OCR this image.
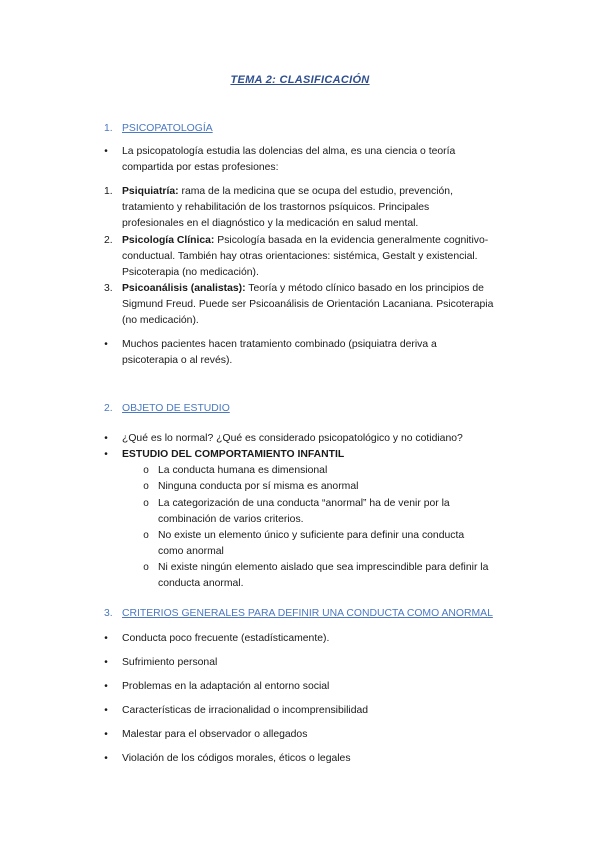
TEMA 2: CLASIFICACIÓN
1. PSICOPATOLOGÍA
•	La psicopatología estudia las dolencias del alma, es una ciencia o teoría
compartida por estas profesiones:
1. Psiquiatría: rama de la medicina que se ocupa del estudio, prevención,
tratamiento y rehabilitación de los trastornos psíquicos. Principales
profesionales en el diagnóstico y la medicación en salud mental.
2. Psicología Clínica: Psicología basada en la evidencia generalmente cognitivo-
conductual. También hay otras orientaciones: sistémica, Gestalt y existencial.
Psicoterapia (no medicación).
3. Psicoanálisis (analistas): Teoría y método clínico basado en los principios de
Sigmund Freud. Puede ser Psicoanálisis de Orientación Lacaniana. Psicoterapia
(no medicación).
•	Muchos pacientes hacen tratamiento combinado (psiquiatra deriva a
psicoterapia o al revés).
2. OBJETO DE ESTUDIO
•	¿Qué es lo normal? ¿Qué es considerado psicopatológico y no cotidiano?
•	ESTUDIO DEL COMPORTAMIENTO INFANTIL
o La conducta humana es dimensional
o Ninguna conducta por sí misma es anormal
o La categorización de una conducta “anormal” ha de venir por la
combinación de varios criterios.
o No existe un elemento único y suficiente para definir una conducta
como anormal
o Ni existe ningún elemento aislado que sea imprescindible para definir la
conducta anormal.
3. CRITERIOS GENERALES PARA DEFINIR UNA CONDUCTA COMO ANORMAL
•	Conducta poco frecuente (estadísticamente).
•	Sufrimiento personal
•	Problemas en la adaptación al entorno social
•	Características de irracionalidad o incomprensibilidad
•	Malestar para el observador o allegados
•	Violación de los códigos morales, éticos o legales
